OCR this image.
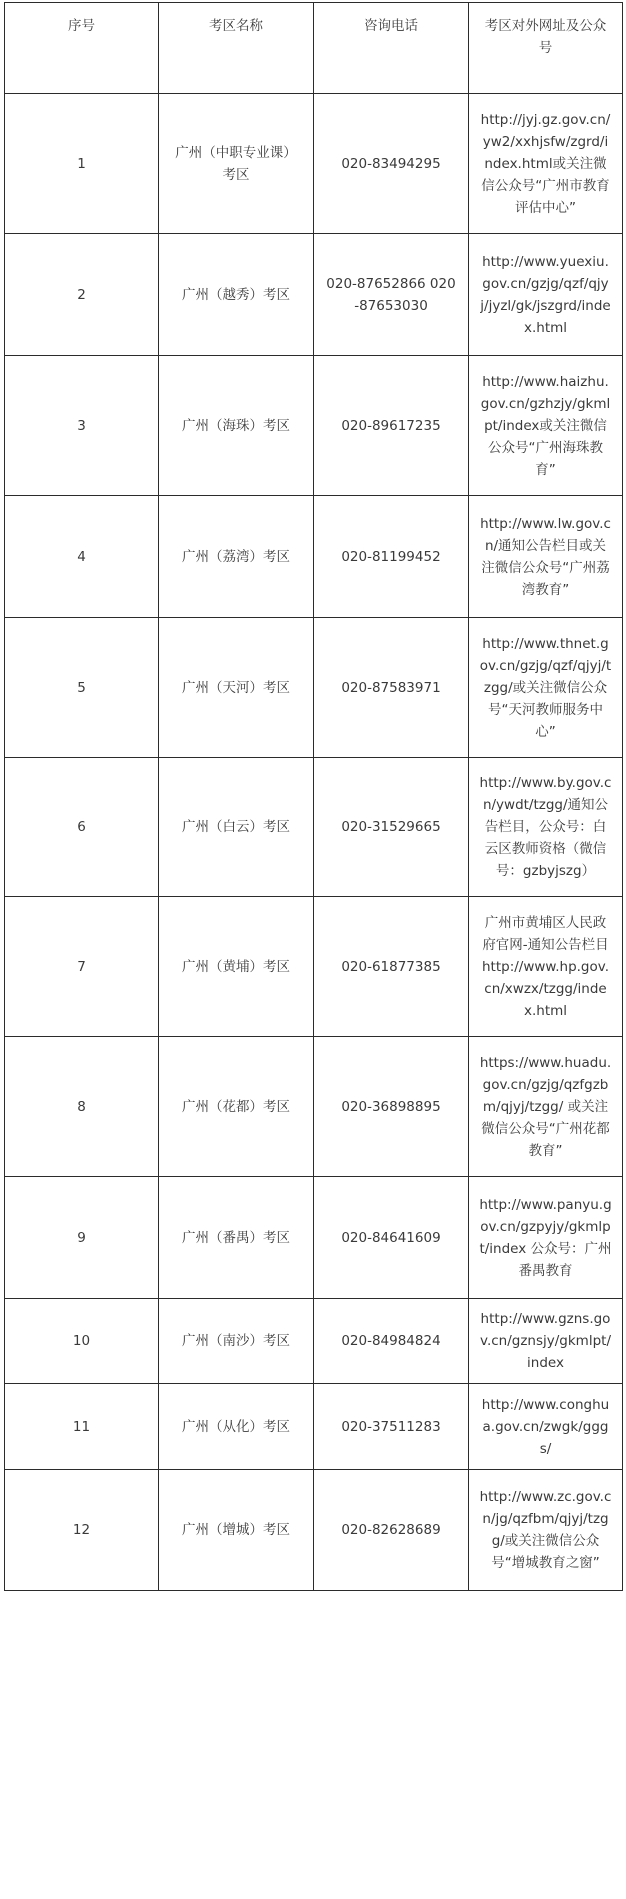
序号	考区名称	咨询电话	考区对外网址及公众号
1	广州（中职专业课）考区	020-83494295	http://jyj.gz.gov.cn/yw2/xxhjsfw/zgrd/index.html或关注微信公众号“广州市教育评估中心”
2	广州（越秀）考区	020-87652866 020-87653030	http://www.yuexiu.gov.cn/gzjg/qzf/qjyj/jyzl/gk/jszgrd/index.html
3	广州（海珠）考区	020-89617235	http://www.haizhu.gov.cn/gzhzjy/gkmlpt/index或关注微信公众号“广州海珠教育”
4	广州（荔湾）考区	020-81199452	http://www.lw.gov.cn/通知公告栏目或关注微信公众号“广州荔湾教育”
5	广州（天河）考区	020-87583971	http://www.thnet.gov.cn/gzjg/qzf/qjyj/tzgg/或关注微信公众号“天河教师服务中心”
6	广州（白云）考区	020-31529665	http://www.by.gov.cn/ywdt/tzgg/通知公告栏目，公众号：白云区教师资格（微信号：gzbyjszg）
7	广州（黄埔）考区	020-61877385	广州市黄埔区人民政府官网-通知公告栏目 http://www.hp.gov.cn/xwzx/tzgg/index.html
8	广州（花都）考区	020-36898895	https://www.huadu.gov.cn/gzjg/qzfgzbm/qjyj/tzgg/ 或关注微信公众号“广州花都教育”
9	广州（番禺）考区	020-84641609	http://www.panyu.gov.cn/gzpyjy/gkmlpt/index 公众号：广州番禺教育
10	广州（南沙）考区	020-84984824	http://www.gzns.gov.cn/gznsjy/gkmlpt/index
11	广州（从化）考区	020-37511283	http://www.conghua.gov.cn/zwgk/gggs/
12	广州（增城）考区	020-82628689	http://www.zc.gov.cn/jg/qzfbm/qjyj/tzgg/或关注微信公众号“增城教育之窗”
